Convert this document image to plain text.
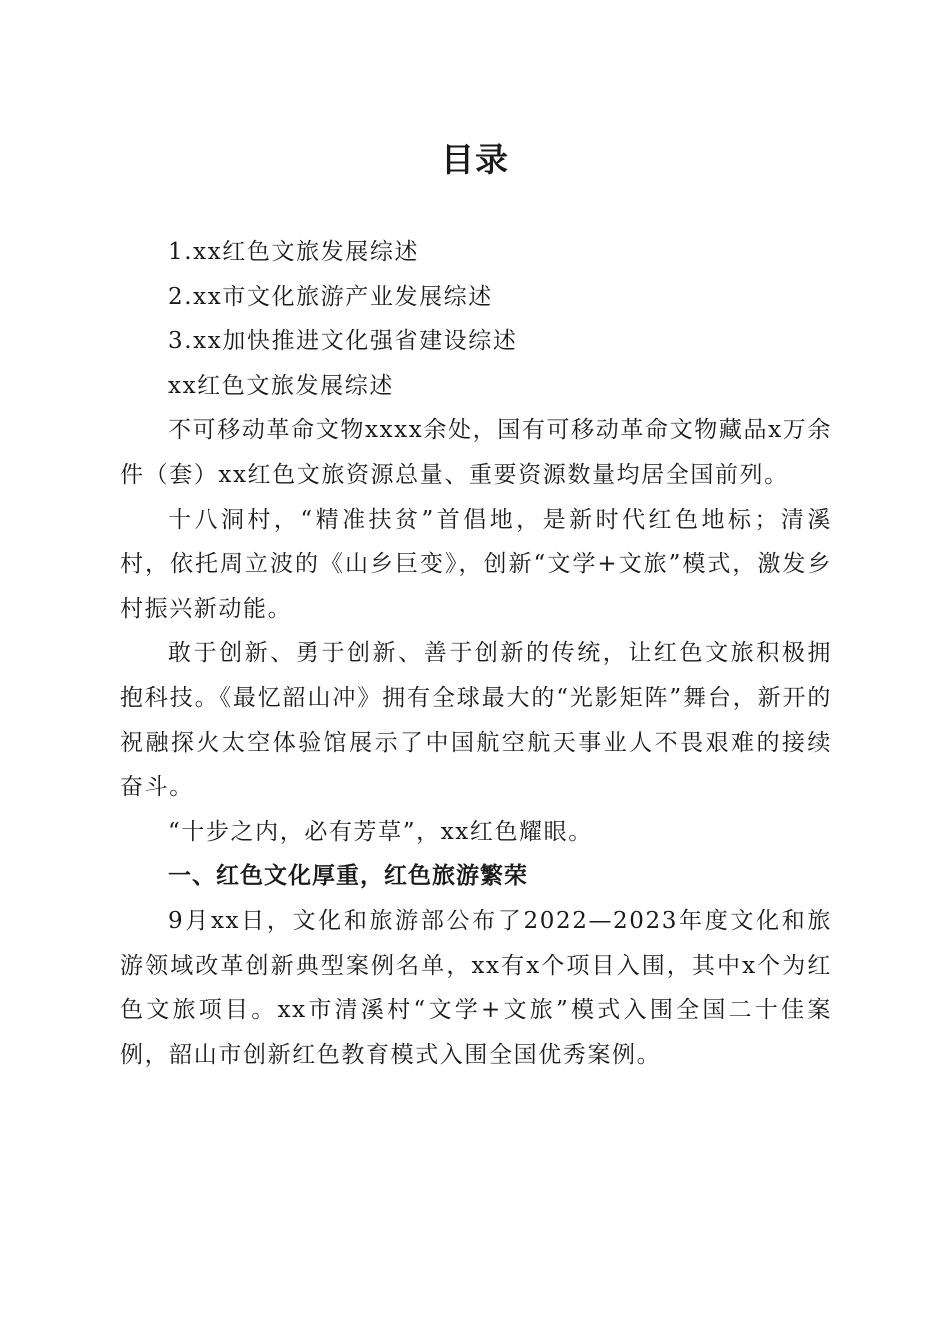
目录

1.xx红色文旅发展综述

2.xx市文化旅游产业发展综述

3.xx加快推进文化强省建设综述

xx红色文旅发展综述

不可移动革命文物xxxx余处，国有可移动革命文物藏品x万余件（套）xx红色文旅资源总量、重要资源数量均居全国前列。

十八洞村，“精准扶贫”首倡地，是新时代红色地标；清溪村，依托周立波的《山乡巨变》，创新“文学+文旅”模式，激发乡村振兴新动能。

敢于创新、勇于创新、善于创新的传统，让红色文旅积极拥抱科技。《最忆韶山冲》拥有全球最大的“光影矩阵”舞台，新开的祝融探火太空体验馆展示了中国航空航天事业人不畏艰难的接续奋斗。

“十步之内，必有芳草”，xx红色耀眼。

一、红色文化厚重，红色旅游繁荣

9月xx日，文化和旅游部公布了2022—2023年度文化和旅游领域改革创新典型案例名单，xx有x个项目入围，其中x个为红色文旅项目。xx市清溪村“文学+文旅”模式入围全国二十佳案例，韶山市创新红色教育模式入围全国优秀案例。
